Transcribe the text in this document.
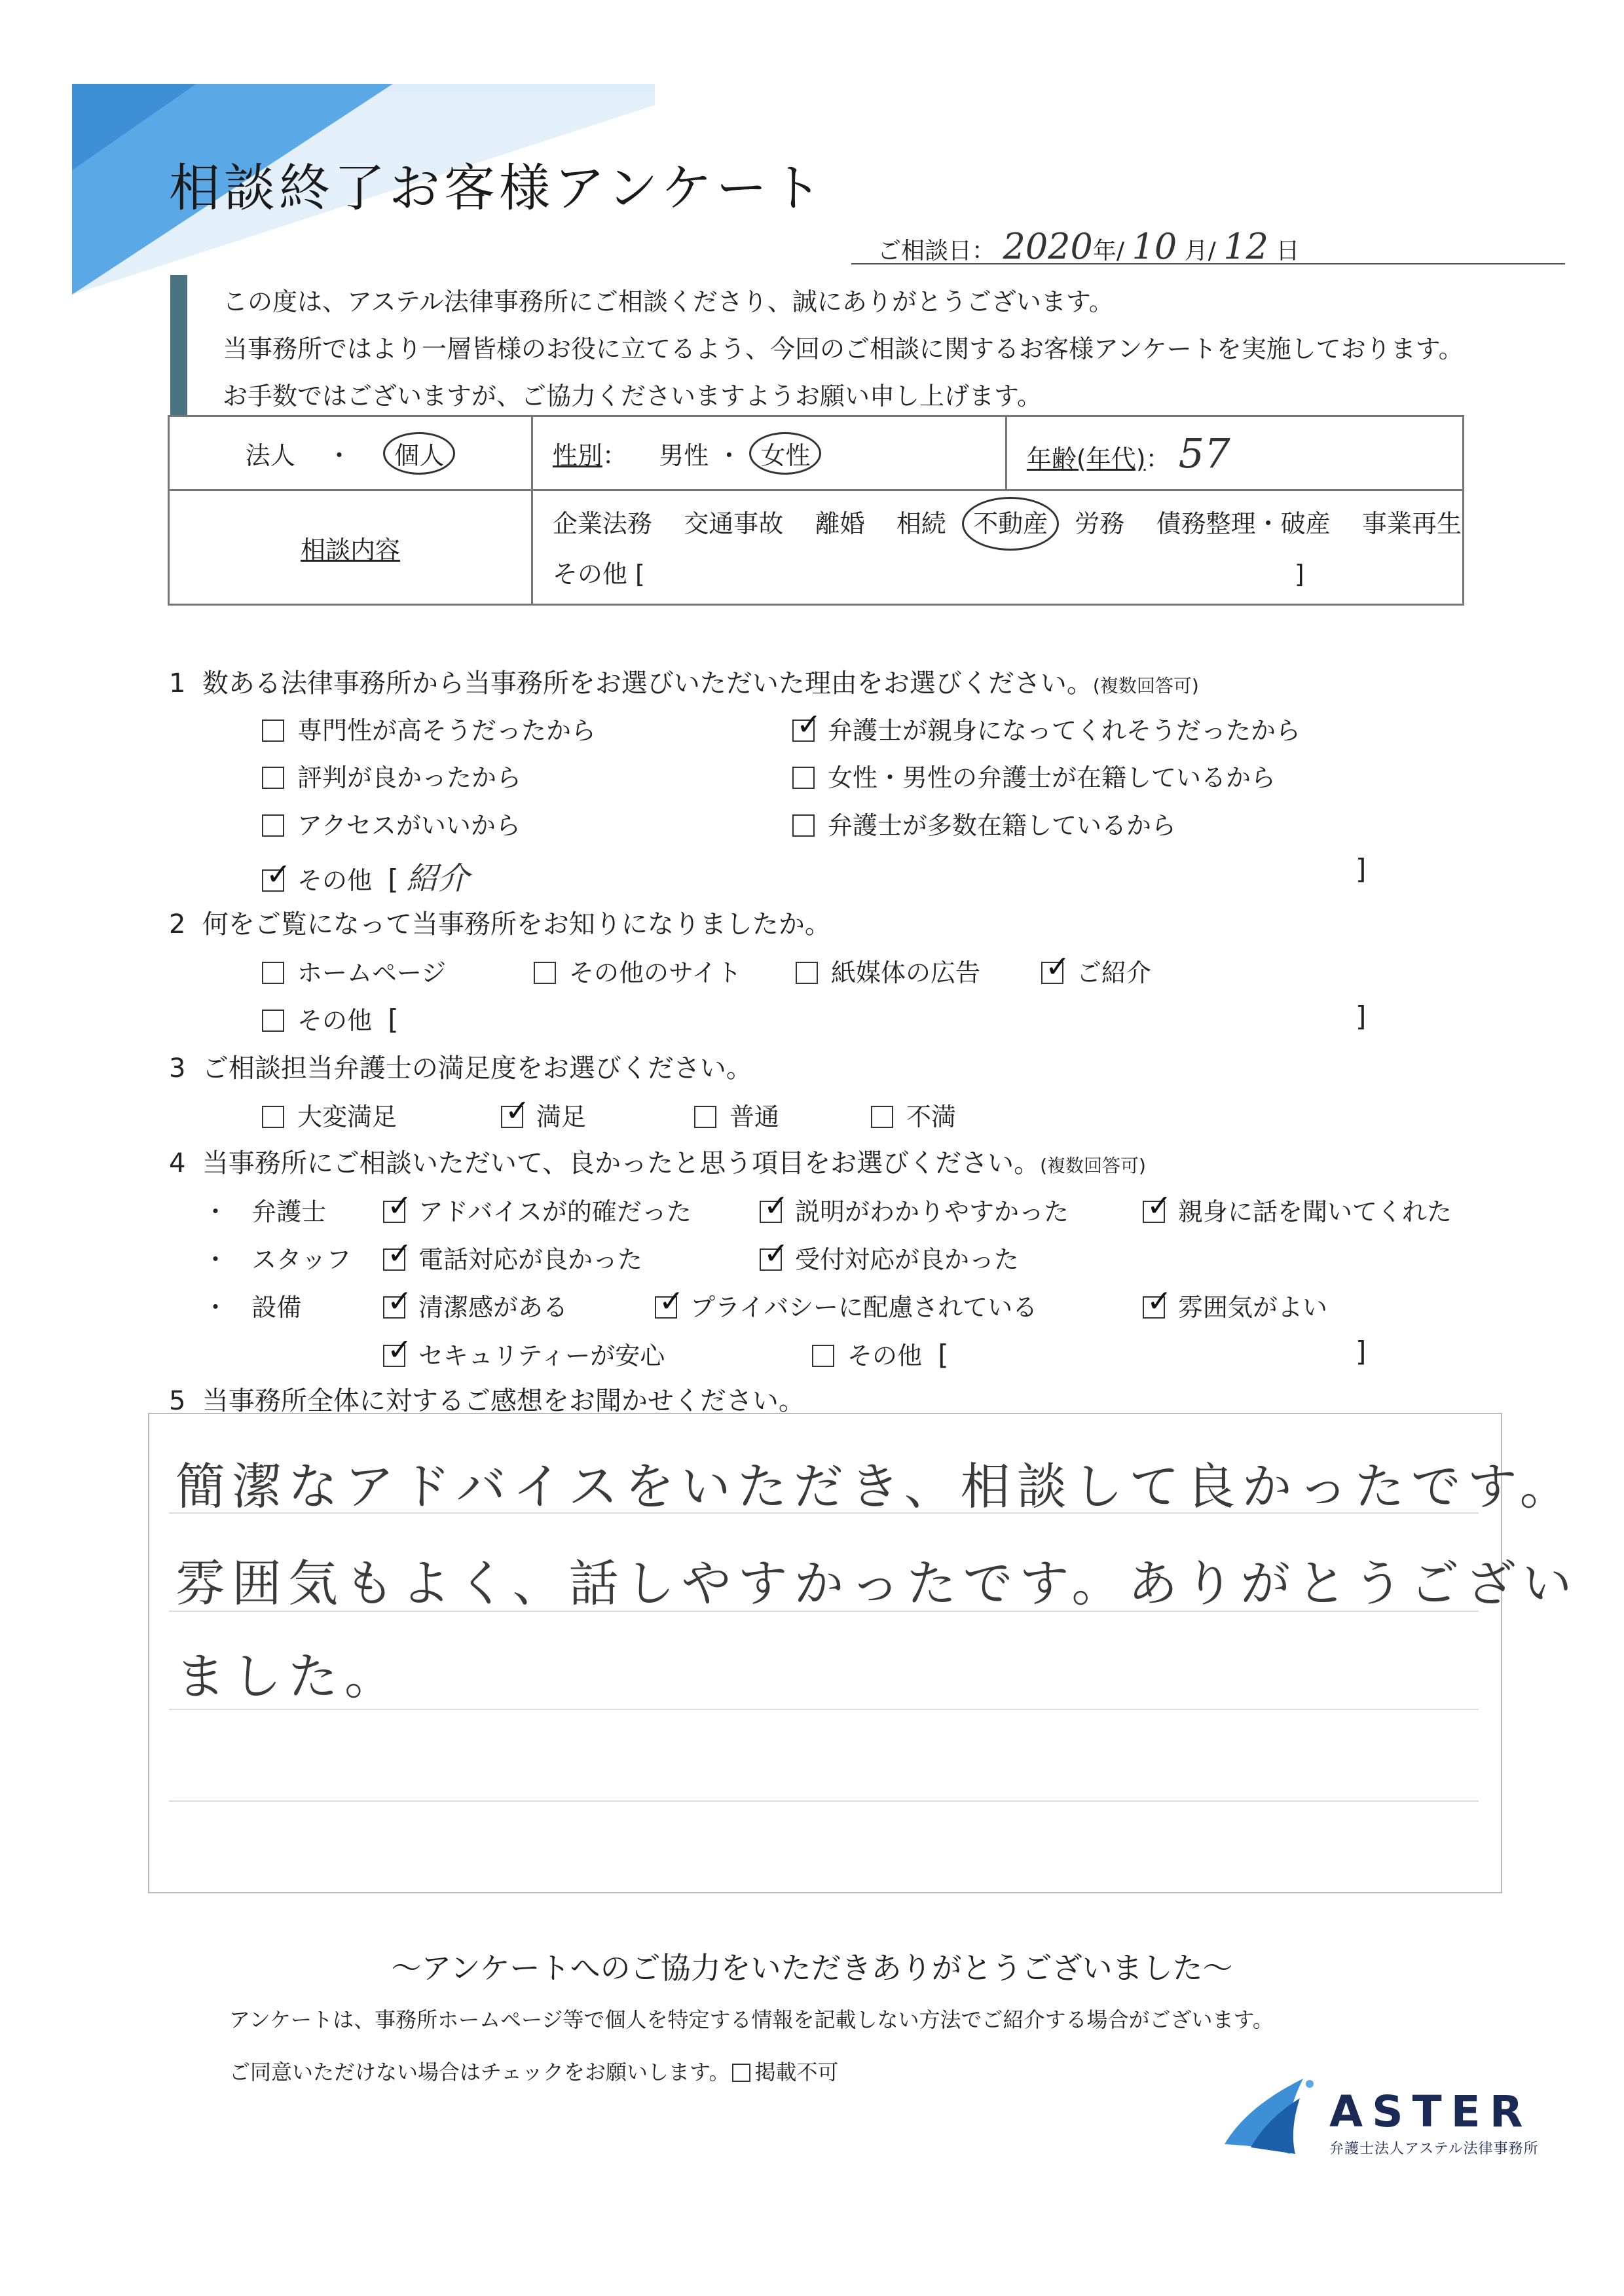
相談終了お客様アンケート
ご相談日： 2020年/ 10 月/ 12 日
この度は、アステル法律事務所にご相談くださり、誠にありがとうございます。
当事務所ではより一層皆様のお役に立てるよう、今回のご相談に関するお客様アンケートを実施しております。
お手数ではございますが、ご協力くださいますようお願い申し上げます。
法人 ・ 個人	性別： 男性 ・ 女性	年齢(年代)： 57
相談内容	企業法務 交通事故 離婚 相続 不動産 労務 債務整理・破産 事業再生
その他 [ ]	
1 数ある法律事務所から当事務所をお選びいただいた理由をお選びください。(複数回答可)
専門性が高そうだったから ✓	弁護士が親身になってくれそうだったから
評判が良かったから	女性・男性の弁護士が在籍しているから
アクセスがいいから	弁護士が多数在籍しているから
✓その他 [ 紹介	]
2 何をご覧になって当事務所をお知りになりましたか。
ホームページ	その他のサイト	紙媒体の広告 ✓	ご紹介
その他 [	]
3 ご相談担当弁護士の満足度をお選びください。
大変満足 ✓	満足	普通	不満
4 当事務所にご相談いただいて、良かったと思う項目をお選びください。(複数回答可)
・ 弁護士 ✓	アドバイスが的確だった ✓	説明がわかりやすかった ✓	親身に話を聞いてくれた
・ スタッフ ✓	電話対応が良かった ✓	受付対応が良かった
・ 設備 ✓	清潔感がある ✓	プライバシーに配慮されている ✓	雰囲気がよい
✓セキュリティーが安心	その他 [	]
5 当事務所全体に対するご感想をお聞かせください。
簡潔なアドバイスをいただき、相談して良かったです。
雰囲気もよく、話しやすかったです。ありがとうござい
ました。
〜アンケートへのご協力をいただきありがとうございました〜
アンケートは、事務所ホームページ等で個人を特定する情報を記載しない方法でご紹介する場合がございます。
ご同意いただけない場合はチェックをお願いします。 掲載不可
ASTER
弁護士法人アステル法律事務所
